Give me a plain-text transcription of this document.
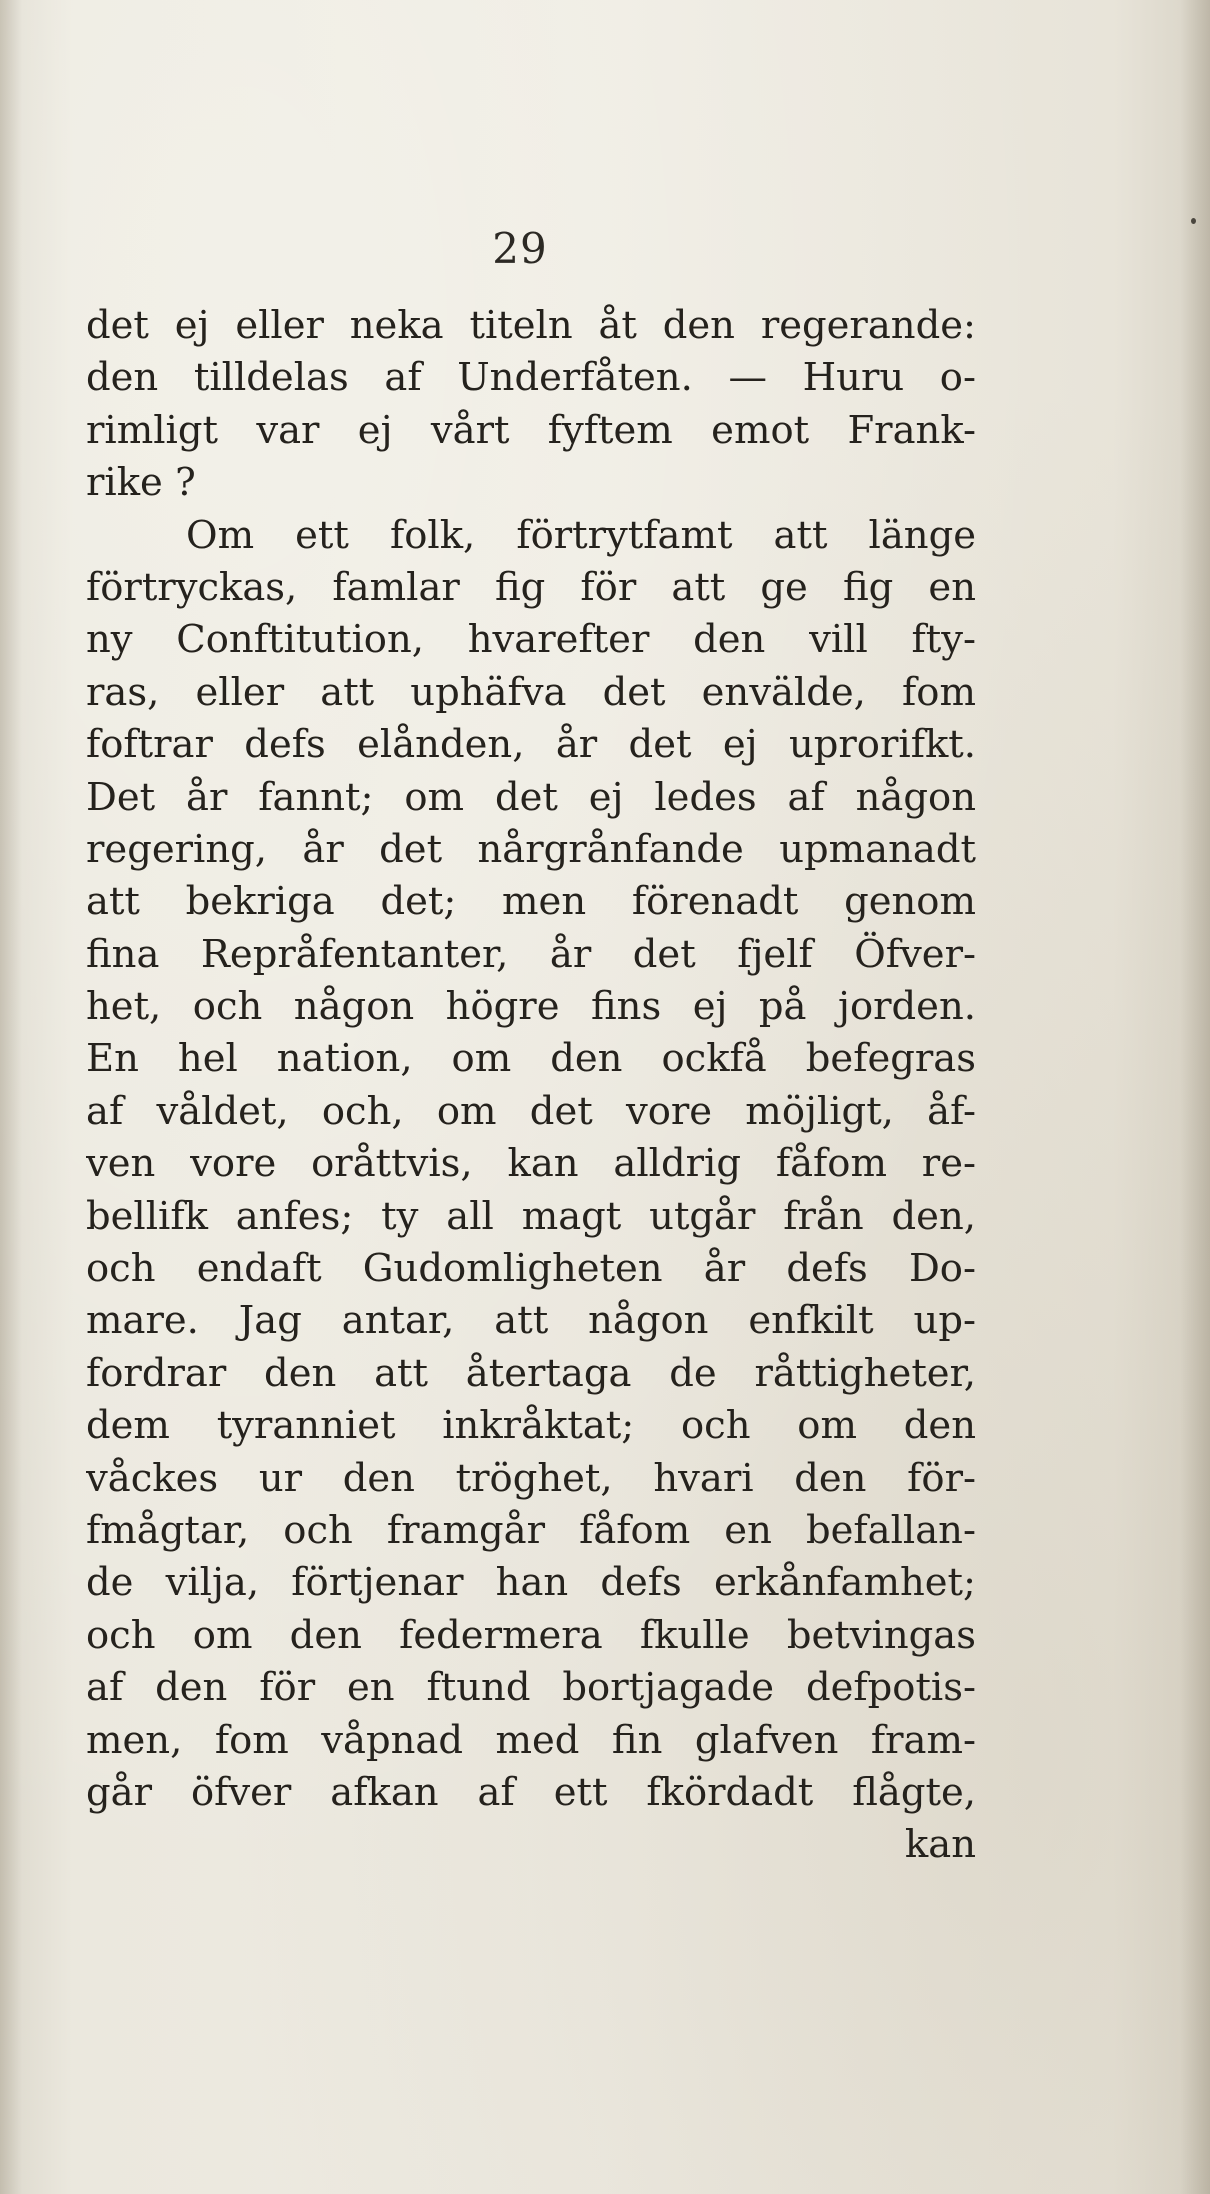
29
det ej eller neka titeln åt den regerande:
den tilldelas af Underfåten. — Huru o-
rimligt var ej vårt fyftem emot Frank-
rike ?
Om ett folk, förtrytfamt att länge
förtryckas, famlar fig för att ge fig en
ny Conftitution, hvarefter den vill fty-
ras, eller att uphäfva det envälde, fom
foftrar defs elånden, år det ej uprorifkt.
Det år fannt; om det ej ledes af någon
regering, år det nårgrånfande upmanadt
att bekriga det; men förenadt genom
fina Repråfentanter, år det fjelf Öfver-
het, och någon högre fins ej på jorden.
En hel nation, om den ockfå befegras
af våldet, och, om det vore möjligt, åf-
ven vore oråttvis, kan alldrig fåfom re-
bellifk anfes; ty all magt utgår från den,
och endaft Gudomligheten år defs Do-
mare. Jag antar, att någon enfkilt up-
fordrar den att återtaga de råttigheter,
dem tyranniet inkråktat; och om den
våckes ur den tröghet, hvari den för-
fmågtar, och framgår fåfom en befallan-
de vilja, förtjenar han defs erkånfamhet;
och om den federmera fkulle betvingas
af den för en ftund bortjagade defpotis-
men, fom våpnad med fin glafven fram-
går öfver afkan af ett fkördadt flågte,
kan
